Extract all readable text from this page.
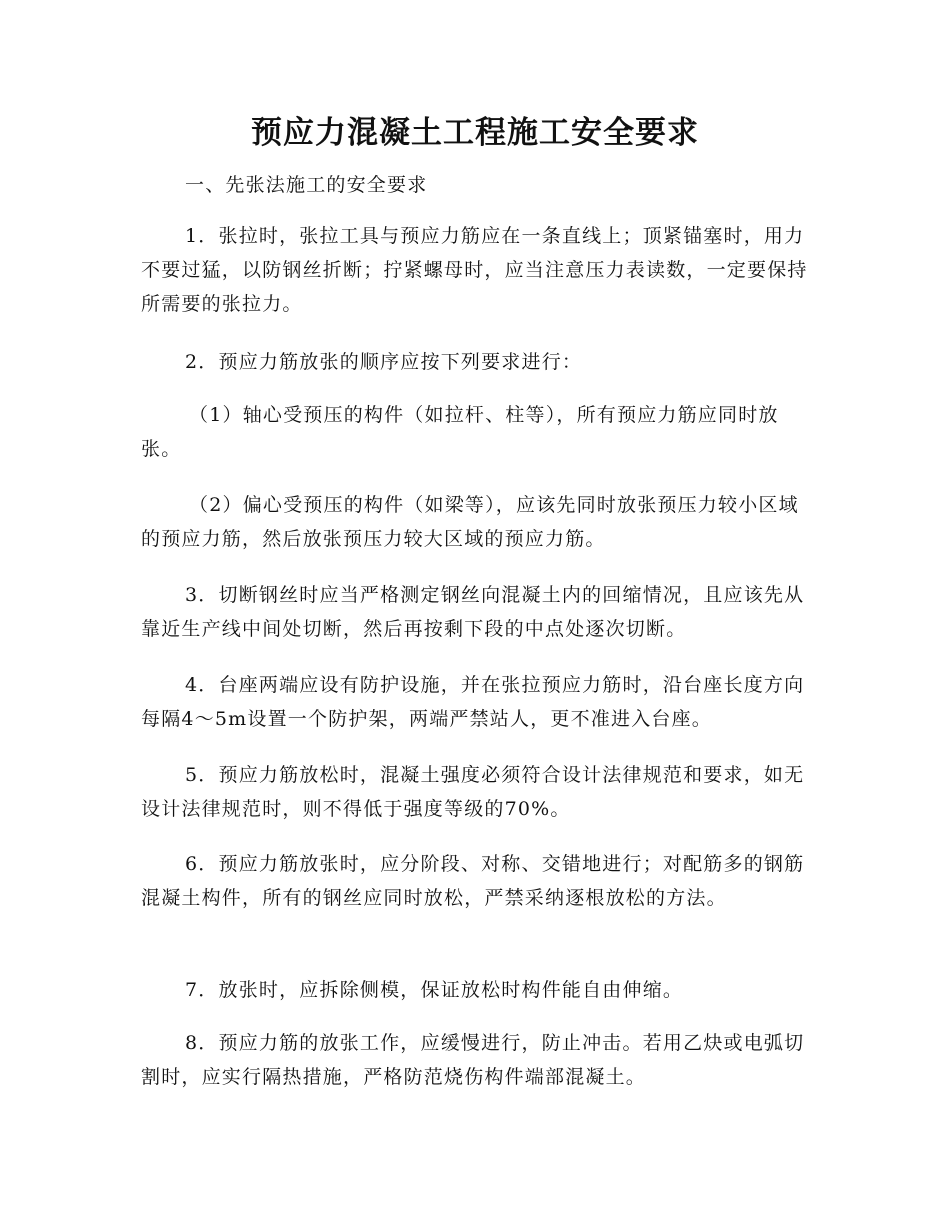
预应力混凝土工程施工安全要求

一、先张法施工的安全要求

1．张拉时，张拉工具与预应力筋应在一条直线上；顶紧锚塞时，用力不要过猛，以防钢丝折断；拧紧螺母时，应当注意压力表读数，一定要保持所需要的张拉力。

2．预应力筋放张的顺序应按下列要求进行：

（1）轴心受预压的构件（如拉杆、柱等），所有预应力筋应同时放张。

（2）偏心受预压的构件（如梁等），应该先同时放张预压力较小区域的预应力筋，然后放张预压力较大区域的预应力筋。

3．切断钢丝时应当严格测定钢丝向混凝土内的回缩情况，且应该先从靠近生产线中间处切断，然后再按剩下段的中点处逐次切断。

4．台座两端应设有防护设施，并在张拉预应力筋时，沿台座长度方向每隔4～5m设置一个防护架，两端严禁站人，更不准进入台座。

5．预应力筋放松时，混凝土强度必须符合设计法律规范和要求，如无设计法律规范时，则不得低于强度等级的70%。

6．预应力筋放张时，应分阶段、对称、交错地进行；对配筋多的钢筋混凝土构件，所有的钢丝应同时放松，严禁采纳逐根放松的方法。

7．放张时，应拆除侧模，保证放松时构件能自由伸缩。

8．预应力筋的放张工作，应缓慢进行，防止冲击。若用乙炔或电弧切割时，应实行隔热措施，严格防范烧伤构件端部混凝土。
